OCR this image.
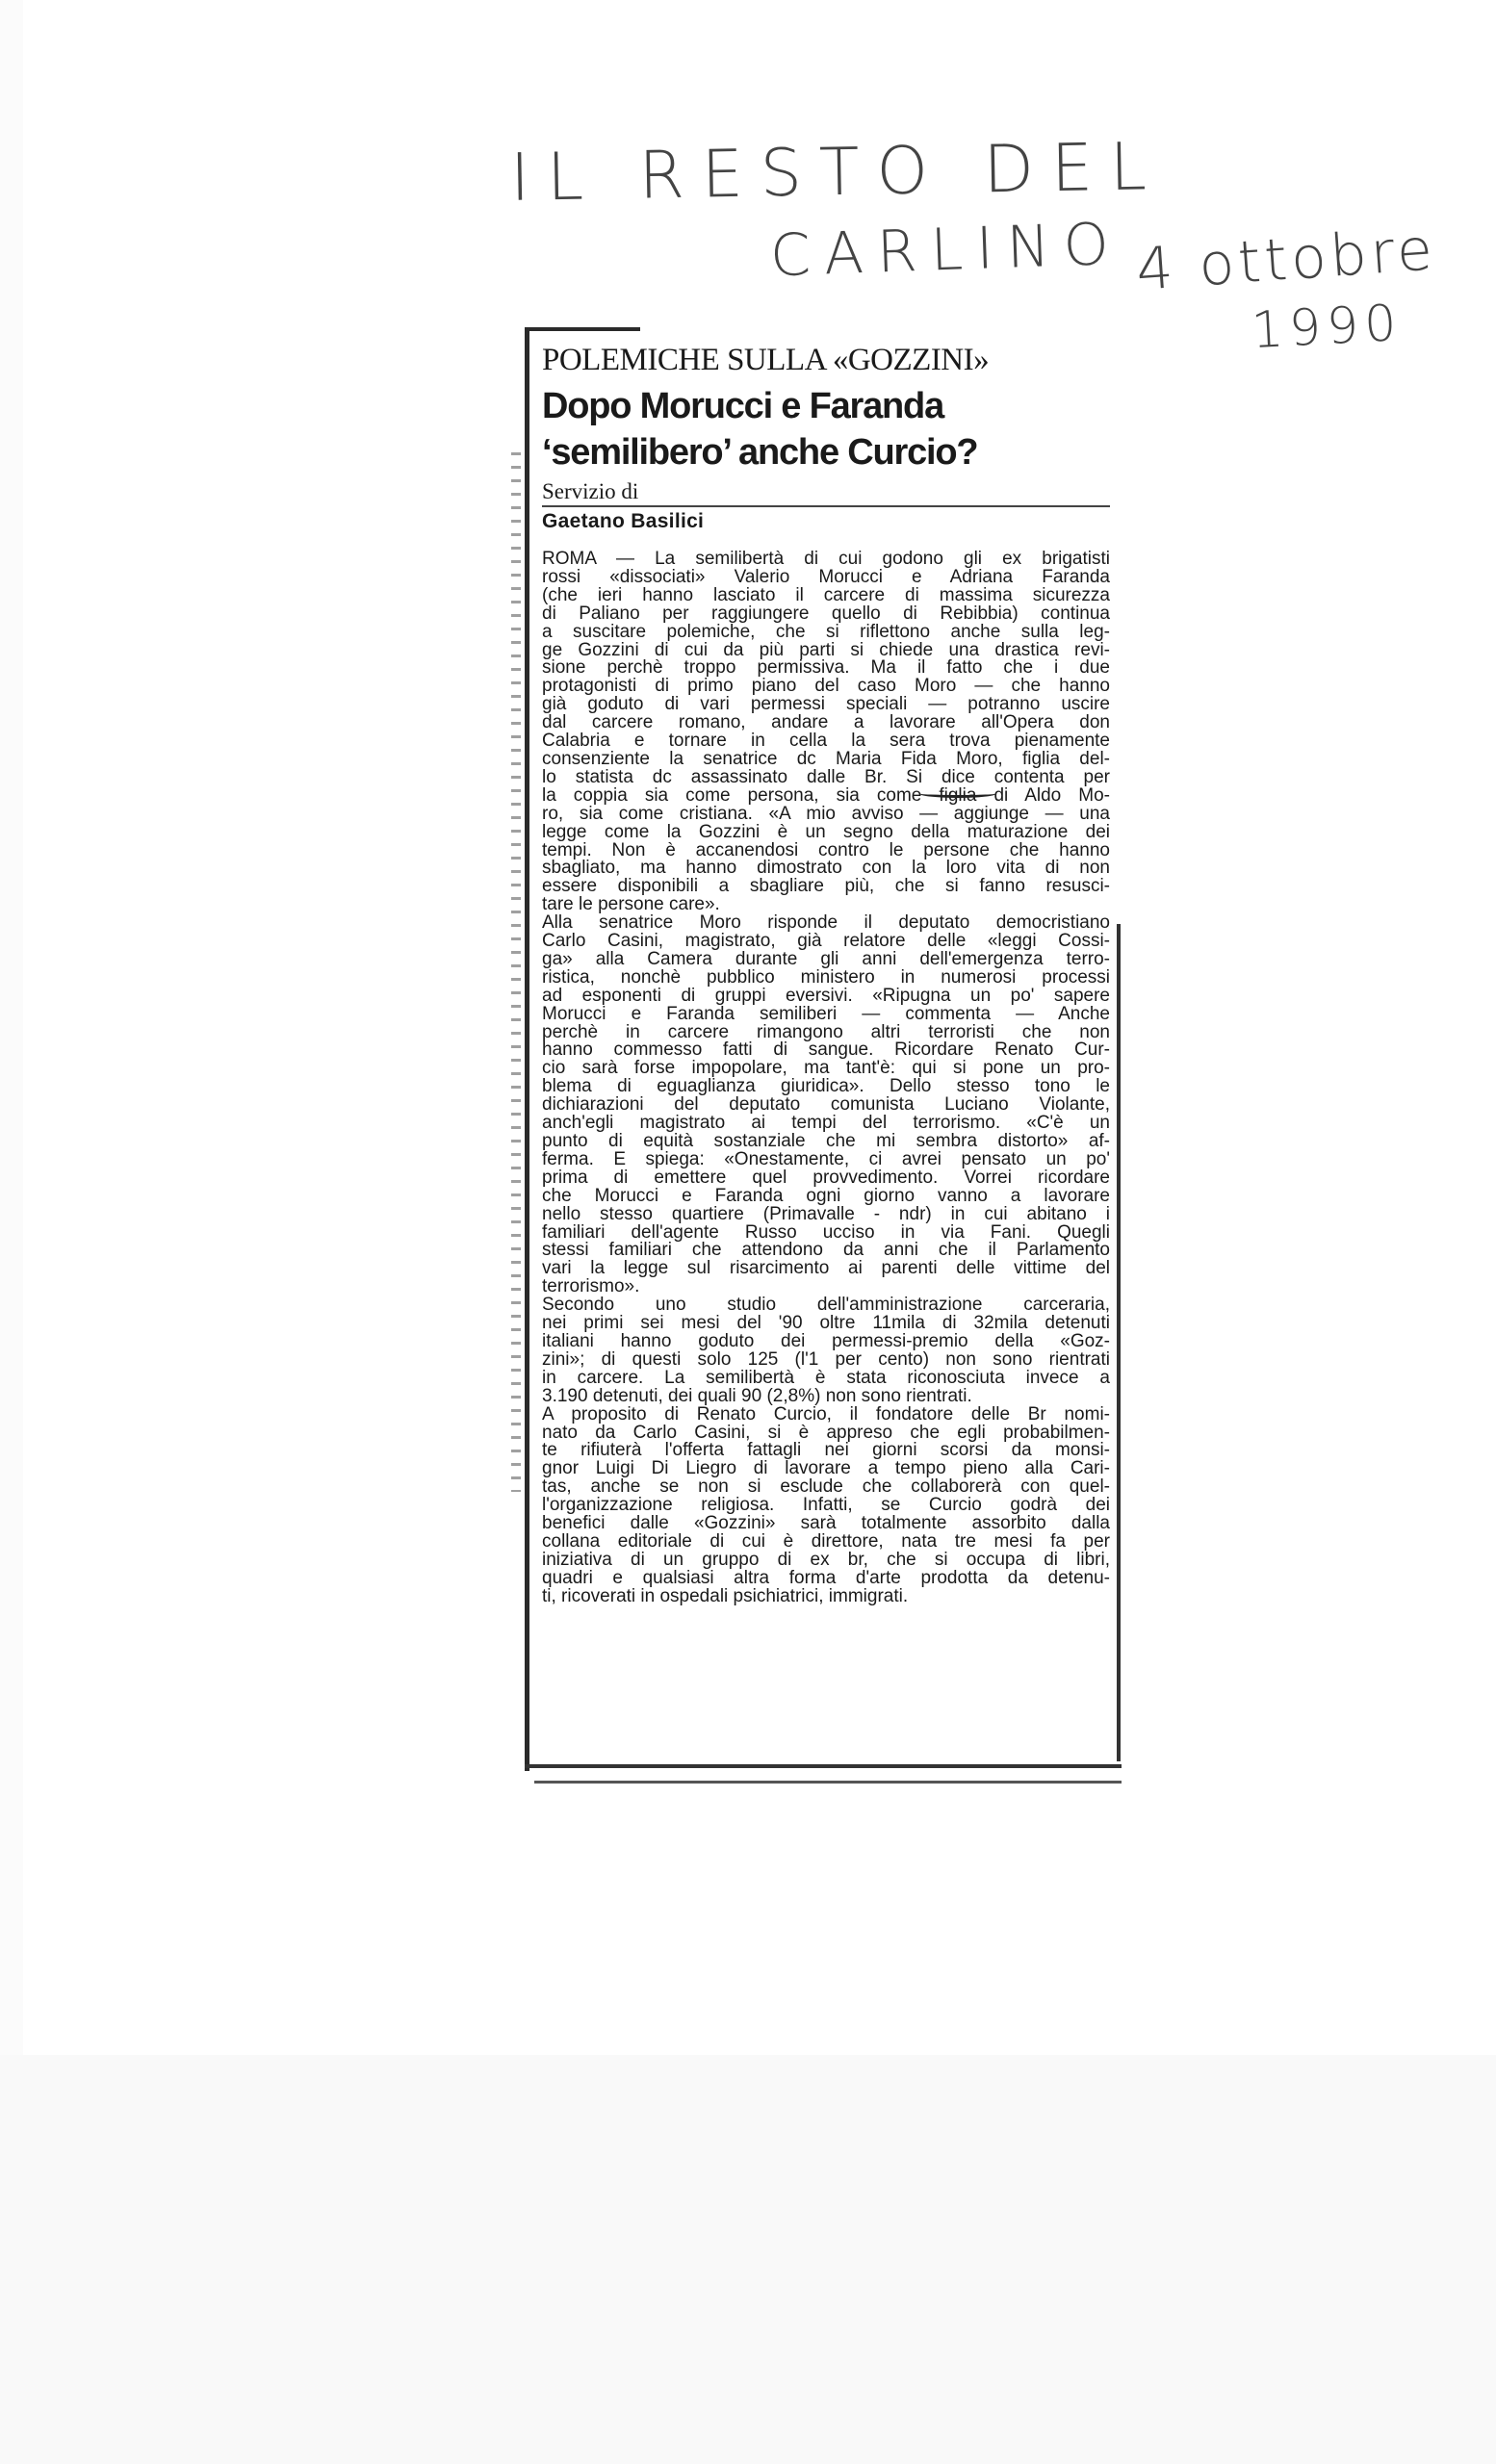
IL RESTO DEL
CARLINO 4 ottobre
1990
POLEMICHE SULLA «GOZZINI»
Dopo Morucci e Faranda
‘semilibero’ anche Curcio?
Servizio di
Gaetano Basilici
ROMA — La semilibertà di cui godono gli ex brigatisti
rossi «dissociati» Valerio Morucci e Adriana Faranda
(che ieri hanno lasciato il carcere di massima sicurezza
di Paliano per raggiungere quello di Rebibbia) continua
a suscitare polemiche, che si riflettono anche sulla leg-
ge Gozzini di cui da più parti si chiede una drastica revi-
sione perchè troppo permissiva. Ma il fatto che i due
protagonisti di primo piano del caso Moro — che hanno
già goduto di vari permessi speciali — potranno uscire
dal carcere romano, andare a lavorare all'Opera don
Calabria e tornare in cella la sera trova pienamente
consenziente la senatrice dc Maria Fida Moro, figlia del-
lo statista dc assassinato dalle Br. Si dice contenta per
la coppia sia come persona, sia come figlia di Aldo Mo-
ro, sia come cristiana. «A mio avviso — aggiunge — una
legge come la Gozzini è un segno della maturazione dei
tempi. Non è accanendosi contro le persone che hanno
sbagliato, ma hanno dimostrato con la loro vita di non
essere disponibili a sbagliare più, che si fanno resusci-
tare le persone care».
Alla senatrice Moro risponde il deputato democristiano
Carlo Casini, magistrato, già relatore delle «leggi Cossi-
ga» alla Camera durante gli anni dell'emergenza terro-
ristica, nonchè pubblico ministero in numerosi processi
ad esponenti di gruppi eversivi. «Ripugna un po' sapere
Morucci e Faranda semiliberi — commenta — Anche
perchè in carcere rimangono altri terroristi che non
hanno commesso fatti di sangue. Ricordare Renato Cur-
cio sarà forse impopolare, ma tant'è: qui si pone un pro-
blema di eguaglianza giuridica». Dello stesso tono le
dichiarazioni del deputato comunista Luciano Violante,
anch'egli magistrato ai tempi del terrorismo. «C'è un
punto di equità sostanziale che mi sembra distorto» af-
ferma. E spiega: «Onestamente, ci avrei pensato un po'
prima di emettere quel provvedimento. Vorrei ricordare
che Morucci e Faranda ogni giorno vanno a lavorare
nello stesso quartiere (Primavalle - ndr) in cui abitano i
familiari dell'agente Russo ucciso in via Fani. Quegli
stessi familiari che attendono da anni che il Parlamento
vari la legge sul risarcimento ai parenti delle vittime del
terrorismo».
Secondo uno studio dell'amministrazione carceraria,
nei primi sei mesi del '90 oltre 11mila di 32mila detenuti
italiani hanno goduto dei permessi-premio della «Goz-
zini»; di questi solo 125 (l'1 per cento) non sono rientrati
in carcere. La semilibertà è stata riconosciuta invece a
3.190 detenuti, dei quali 90 (2,8%) non sono rientrati.
A proposito di Renato Curcio, il fondatore delle Br nomi-
nato da Carlo Casini, si è appreso che egli probabilmen-
te rifiuterà l'offerta fattagli nei giorni scorsi da monsi-
gnor Luigi Di Liegro di lavorare a tempo pieno alla Cari-
tas, anche se non si esclude che collaborerà con quel-
l'organizzazione religiosa. Infatti, se Curcio godrà dei
benefici dalle «Gozzini» sarà totalmente assorbito dalla
collana editoriale di cui è direttore, nata tre mesi fa per
iniziativa di un gruppo di ex br, che si occupa di libri,
quadri e qualsiasi altra forma d'arte prodotta da detenu-
ti, ricoverati in ospedali psichiatrici, immigrati.
